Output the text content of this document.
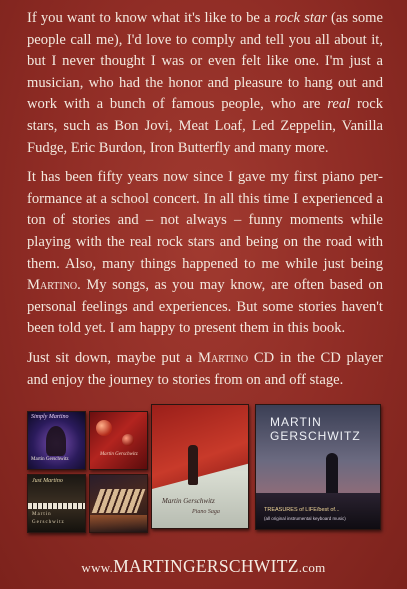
If you want to know what it's like to be a rock star (as some people call me), I'd love to comply and tell you all about it, but I never thought I was or even felt like one. I'm just a musician, who had the honor and pleasure to hang out and work with a bunch of famous people, who are real rock stars, such as Bon Jovi, Meat Loaf, Led Zeppelin, Vanilla Fudge, Eric Burdon, Iron Butterfly and many more.

It has been fifty years now since I gave my first piano performance at a school concert. In all this time I experienced a ton of stories and – not always – funny moments while playing with the real rock stars and being on the road with them. Also, many things happened to me while just being Martino. My songs, as you may know, are often based on personal feelings and experiences. But some stories haven't been told yet. I am happy to present them in this book.

Just sit down, maybe put a Martino CD in the CD player and enjoy the journey to stories from on and off stage.

Simply Martino
Martin Gerschwitz
Martin Gerschwitz
Just Martino
Martin
Gerschwitz
Martin Gerschwitz
Piano Saga
MARTIN
GERSCHWITZ
TREASURES of LIFE/best of...
(all original instrumental keyboard music)
www.MARTINGERSCHWITZ.com
